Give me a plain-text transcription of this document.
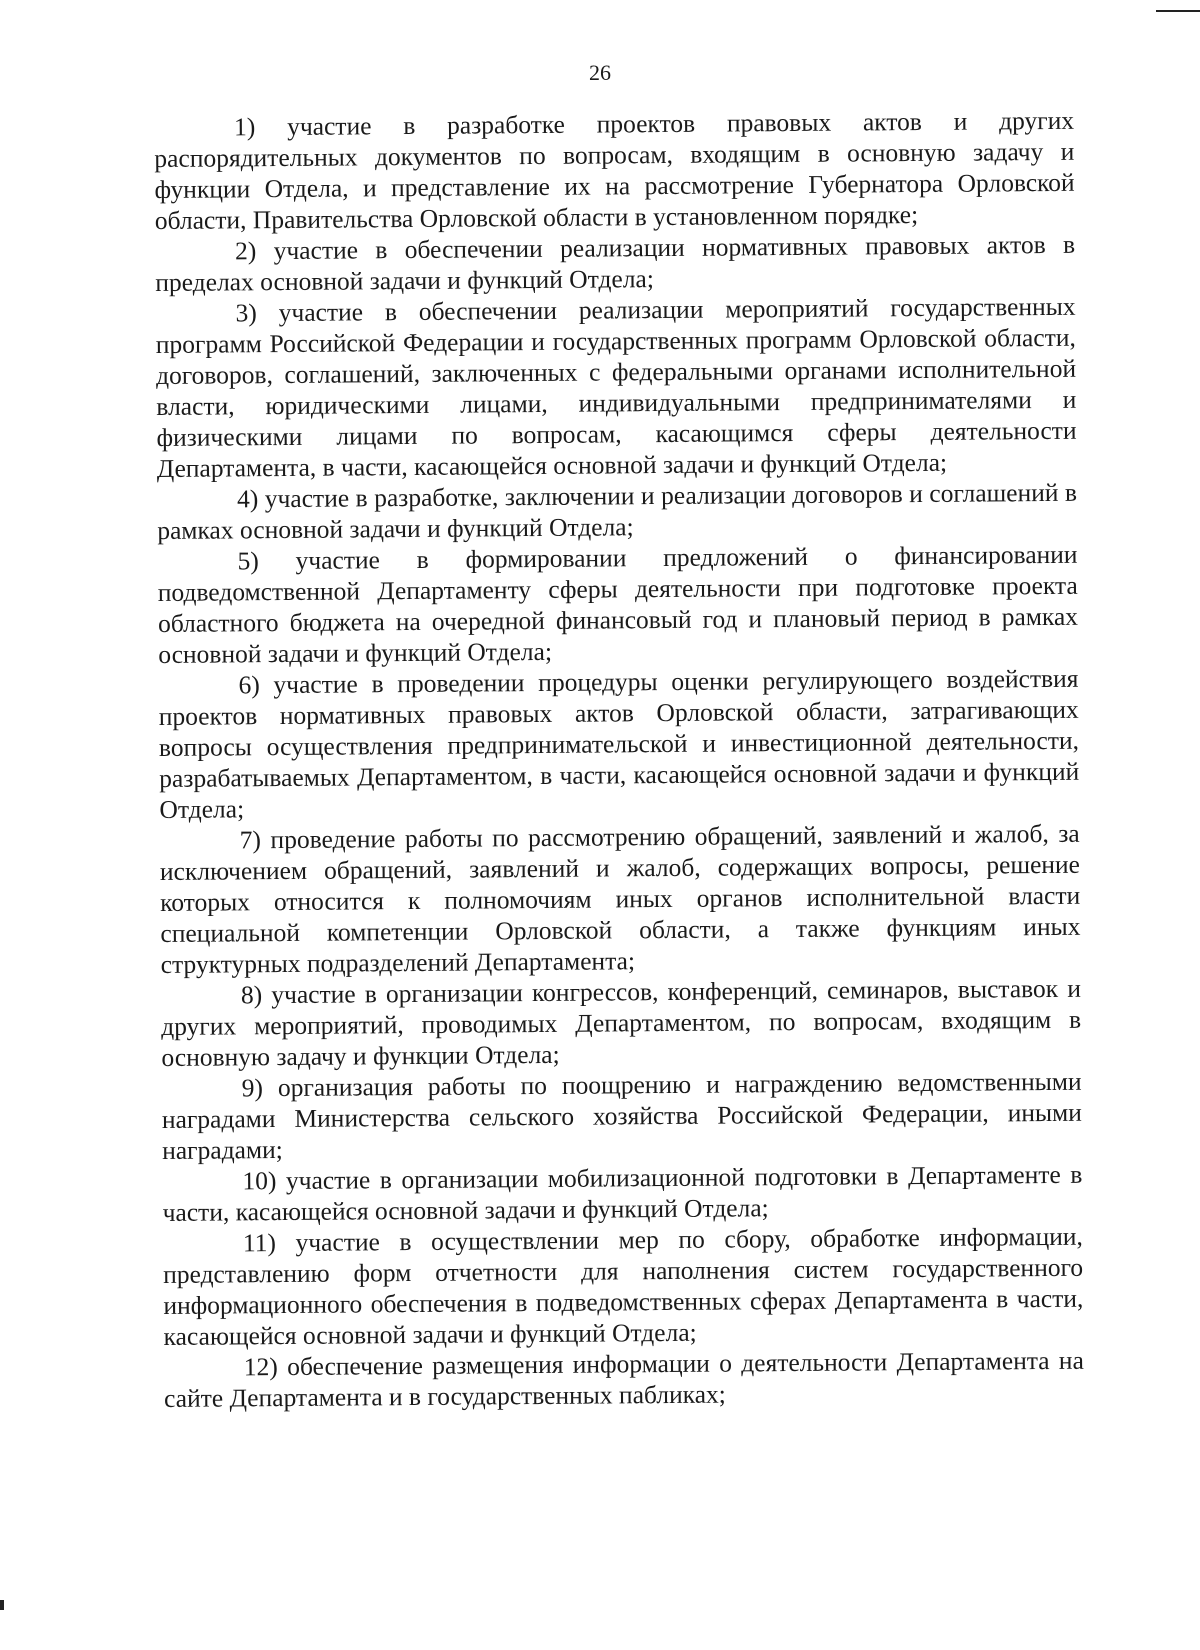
26

1) участие в разработке проектов правовых актов и других распорядительных документов по вопросам, входящим в основную задачу и функции Отдела, и представление их на рассмотрение Губернатора Орловской области, Правительства Орловской области в установленном порядке;

2) участие в обеспечении реализации нормативных правовых актов в пределах основной задачи и функций Отдела;

3) участие в обеспечении реализации мероприятий государственных программ Российской Федерации и государственных программ Орловской области, договоров, соглашений, заключенных с федеральными органами исполнительной власти, юридическими лицами, индивидуальными предпринимателями и физическими лицами по вопросам, касающимся сферы деятельности Департамента, в части, касающейся основной задачи и функций Отдела;

4) участие в разработке, заключении и реализации договоров и соглашений в рамках основной задачи и функций Отдела;

5) участие в формировании предложений о финансировании подведомственной Департаменту сферы деятельности при подготовке проекта областного бюджета на очередной финансовый год и плановый период в рамках основной задачи и функций Отдела;

6) участие в проведении процедуры оценки регулирующего воздействия проектов нормативных правовых актов Орловской области, затрагивающих вопросы осуществления предпринимательской и инвестиционной деятельности, разрабатываемых Департаментом, в части, касающейся основной задачи и функций Отдела;

7) проведение работы по рассмотрению обращений, заявлений и жалоб, за исключением обращений, заявлений и жалоб, содержащих вопросы, решение которых относится к полномочиям иных органов исполнительной власти специальной компетенции Орловской области, а также функциям иных структурных подразделений Департамента;

8) участие в организации конгрессов, конференций, семинаров, выставок и других мероприятий, проводимых Департаментом, по вопросам, входящим в основную задачу и функции Отдела;

9) организация работы по поощрению и награждению ведомственными наградами Министерства сельского хозяйства Российской Федерации, иными наградами;

10) участие в организации мобилизационной подготовки в Департаменте в части, касающейся основной задачи и функций Отдела;

11) участие в осуществлении мер по сбору, обработке информации, представлению форм отчетности для наполнения систем государственного информационного обеспечения в подведомственных сферах Департамента в части, касающейся основной задачи и функций Отдела;

12) обеспечение размещения информации о деятельности Департамента на сайте Департамента и в государственных пабликах;
